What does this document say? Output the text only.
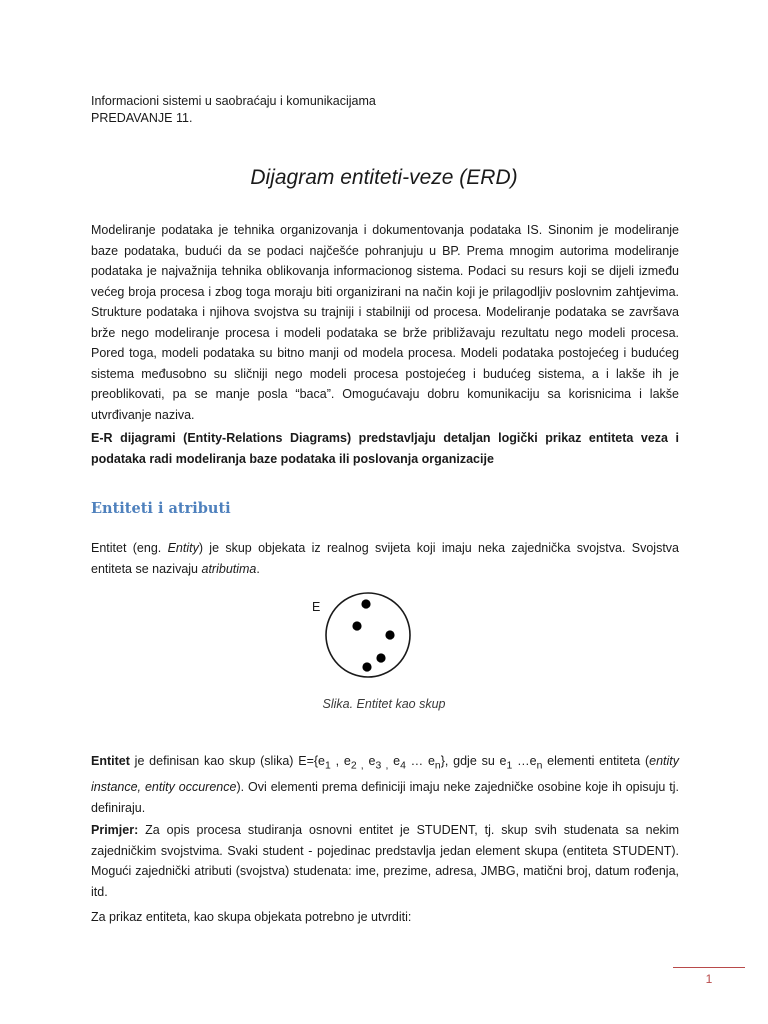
Informacioni sistemi u saobraćaju i komunikacijama
PREDAVANJE 11.
Dijagram entiteti-veze (ERD)
Modeliranje podataka je tehnika organizovanja i dokumentovanja podataka IS. Sinonim je modeliranje baze podataka, budući da se podaci najčešće pohranjuju u BP. Prema mnogim autorima modeliranje podataka je najvažnija tehnika oblikovanja informacionog sistema. Podaci su resurs koji se dijeli između većeg broja procesa i zbog toga moraju biti organizirani na način koji je prilagodljiv poslovnim zahtjevima. Strukture podataka i njihova svojstva su trajniji i stabilniji od procesa. Modeliranje podataka se završava brže nego modeliranje procesa i modeli podataka se brže približavaju rezultatu nego modeli procesa. Pored toga, modeli podataka su bitno manji od modela procesa. Modeli podataka postojećeg i budućeg sistema međusobno su sličniji nego modeli procesa postojećeg i budućeg sistema, a i lakše ih je preoblikovati, pa se manje posla “baca”. Omogućavaju dobru komunikaciju sa korisnicima i lakše utvrđivanje naziva.
E-R dijagrami (Entity-Relations Diagrams) predstavljaju detaljan logički prikaz entiteta veza i podataka radi modeliranja baze podataka ili poslovanja organizacije
Entiteti i atributi
Entitet (eng. Entity) je skup objekata iz realnog svijeta koji imaju neka zajednička svojstva. Svojstva entiteta se nazivaju atributima.
E
Slika. Entitet kao skup
Entitet je definisan kao skup (slika) $E=\{e_1$ , $e_{2 ,}$ $e_{3 ,}$ $e_4$ … $e_n$}, gdje su $e_1$ $\dots e_n$ elementi entiteta (entity instance, entity occurence). Ovi elementi prema definiciji imaju neke zajedničke osobine koje ih opisuju tj. definiraju.
Primjer: Za opis procesa studiranja osnovni entitet je STUDENT, tj. skup svih studenata sa nekim zajedničkim svojstvima. Svaki student - pojedinac predstavlja jedan element skupa (entiteta STUDENT). Mogući zajednički atributi (svojstva) studenata: ime, prezime, adresa, JMBG, matični broj, datum rođenja, itd.
Za prikaz entiteta, kao skupa objekata potrebno je utvrditi:
1
